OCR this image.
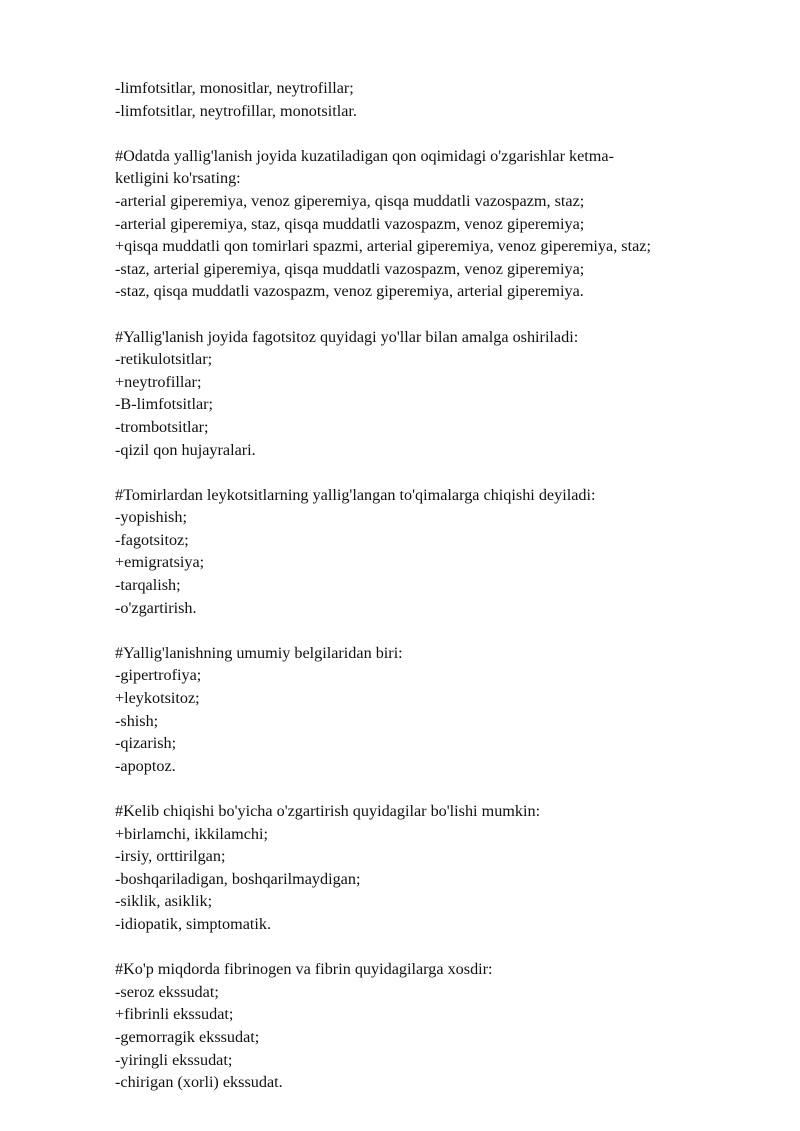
-limfotsitlar, monositlar, neytrofillar;
-limfotsitlar, neytrofillar, monotsitlar.
#Odatda yallig'lanish joyida kuzatiladigan qon oqimidagi o'zgarishlar ketma-
ketligini ko'rsating:
-arterial giperemiya, venoz giperemiya, qisqa muddatli vazospazm, staz;
-arterial giperemiya, staz, qisqa muddatli vazospazm, venoz giperemiya;
+qisqa muddatli qon tomirlari spazmi, arterial giperemiya, venoz giperemiya, staz;
-staz, arterial giperemiya, qisqa muddatli vazospazm, venoz giperemiya;
-staz, qisqa muddatli vazospazm, venoz giperemiya, arterial giperemiya.
#Yallig'lanish joyida fagotsitoz quyidagi yo'llar bilan amalga oshiriladi:
-retikulotsitlar;
+neytrofillar;
-B-limfotsitlar;
-trombotsitlar;
-qizil qon hujayralari.
#Tomirlardan leykotsitlarning yallig'langan to'qimalarga chiqishi deyiladi:
-yopishish;
-fagotsitoz;
+emigratsiya;
-tarqalish;
-o'zgartirish.
#Yallig'lanishning umumiy belgilaridan biri:
-gipertrofiya;
+leykotsitoz;
-shish;
-qizarish;
-apoptoz.
#Kelib chiqishi bo'yicha o'zgartirish quyidagilar bo'lishi mumkin:
+birlamchi, ikkilamchi;
-irsiy, orttirilgan;
-boshqariladigan, boshqarilmaydigan;
-siklik, asiklik;
-idiopatik, simptomatik.
#Ko'p miqdorda fibrinogen va fibrin quyidagilarga xosdir:
-seroz ekssudat;
+fibrinli ekssudat;
-gemorragik ekssudat;
-yiringli ekssudat;
-chirigan (xorli) ekssudat.
